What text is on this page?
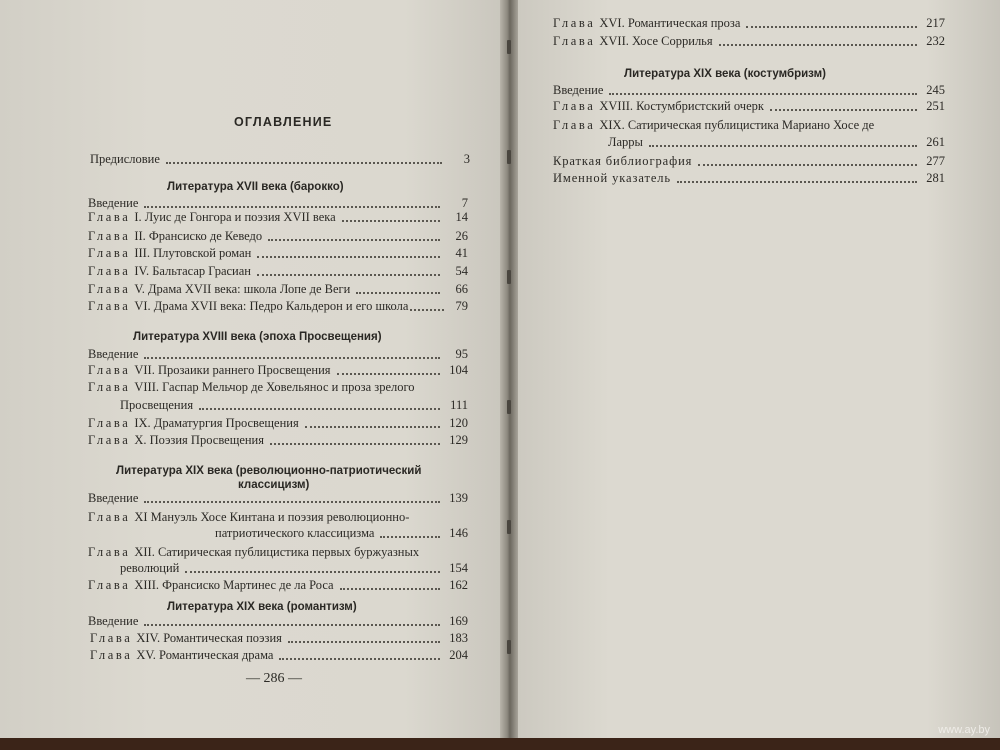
ОГЛАВЛЕНИЕ
Предисловие	3
Литература XVII века (барокко)
Введение	7
Глава I. Луис де Гонгора и поэзия XVII века	14
Глава II. Франсиско де Кеведо	26
Глава III. Плутовской роман	41
Глава IV. Бальтасар Грасиан	54
Глава V. Драма XVII века: школа Лопе де Веги	66
Глава VI. Драма XVII века: Педро Кальдерон и его школа	79
Литература XVIII века (эпоха Просвещения)
Введение	95
Глава VII. Прозаики раннего Просвещения	104
Глава VIII. Гаспар Мельчор де Ховельянос и проза зрелого
Просвещения	111
Глава IX. Драматургия Просвещения	120
Глава X. Поэзия Просвещения	129
Литература XIX века (революционно-патриотический
классицизм)
Введение	139
Глава XI Мануэль Хосе Кинтана и поэзия революционно-
патриотического классицизма	146
Глава XII. Сатирическая публицистика первых буржуазных
революций	154
Глава XIII. Франсиско Мартинес де ла Роса	162
Литература XIX века (романтизм)
Введение	169
Глава XIV. Романтическая поэзия	183
Глава XV. Романтическая драма	204
— 286 —
Глава XVI. Романтическая проза	217
Глава XVII. Хосе Соррилья	232
Литература XIX века (костумбризм)
Введение	245
Глава XVIII. Костумбристский очерк	251
Глава XIX. Сатирическая публицистика Мариано Хосе де
Ларры	261
Краткая библиография	277
Именной указатель	281
www.ay.by
